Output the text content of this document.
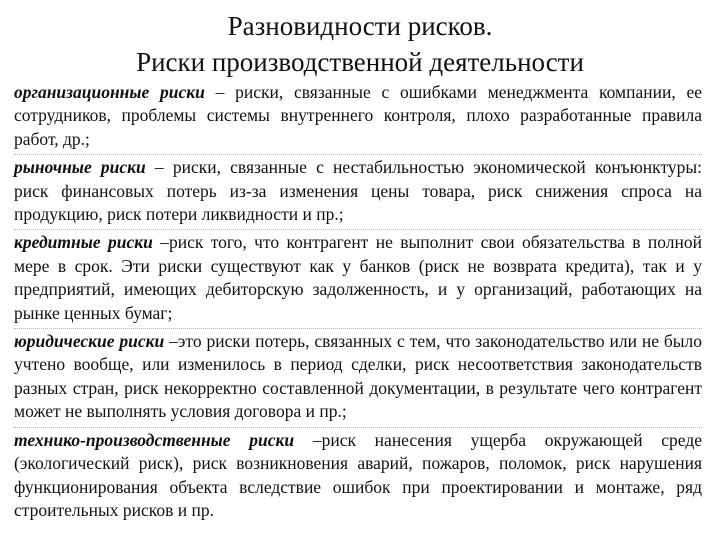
Разновидности рисков.
Риски производственной деятельности
организационные риски – риски, связанные с ошибками менеджмента компании, ее сотрудников, проблемы системы внутреннего контроля, плохо разработанные правила работ, др.;
рыночные риски – риски, связанные с нестабильностью экономической конъюнктуры: риск финансовых потерь из-за изменения цены товара, риск снижения спроса на продукцию, риск потери ликвидности и пр.;
кредитные риски –риск того, что контрагент не выполнит свои обязательства в полной мере в срок. Эти риски существуют как у банков (риск не возврата кредита), так и у предприятий, имеющих дебиторскую задолженность, и у организаций, работающих на рынке ценных бумаг;
юридические риски –это риски потерь, связанных с тем, что законодательство или не было учтено вообще, или изменилось в период сделки, риск несоответствия законодательств разных стран, риск некорректно составленной документации, в результате чего контрагент может не выполнять условия договора и пр.;
технико-производственные риски –риск нанесения ущерба окружающей среде (экологический риск), риск возникновения аварий, пожаров, поломок, риск нарушения функционирования объекта вследствие ошибок при проектировании и монтаже, ряд строительных рисков и пр.
